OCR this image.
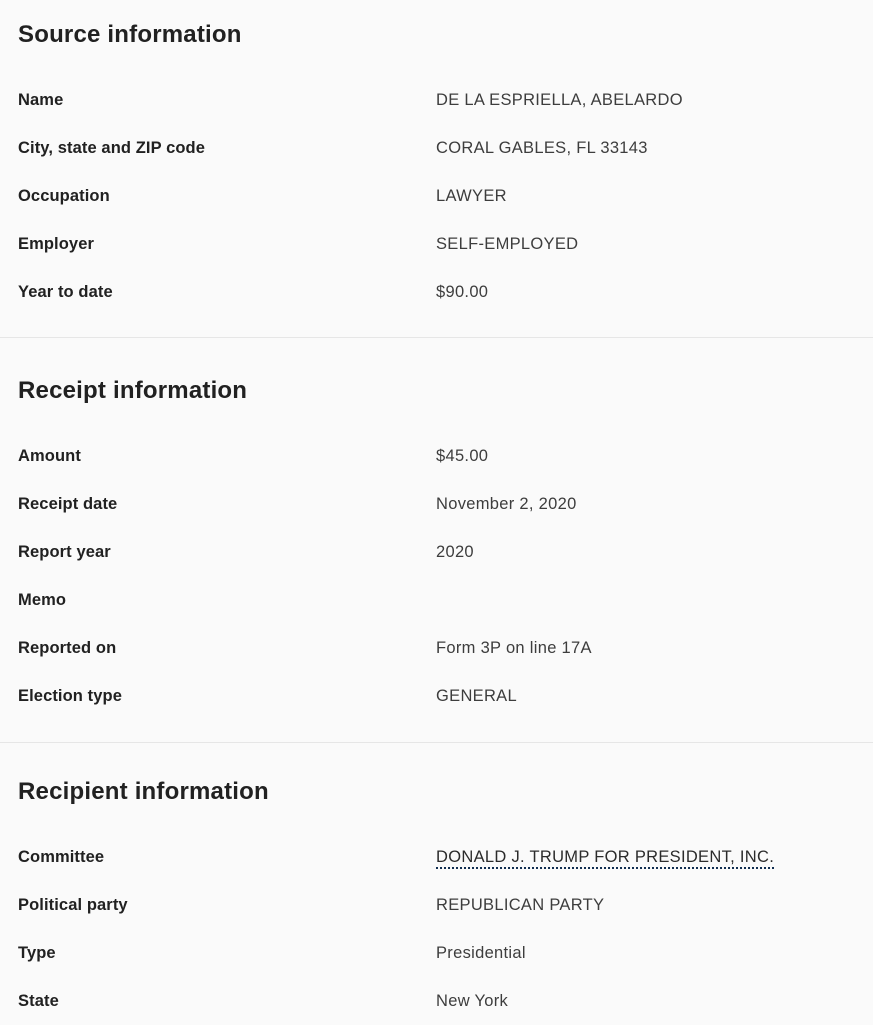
Source information
Name	DE LA ESPRIELLA, ABELARDO
City, state and ZIP code	CORAL GABLES, FL 33143
Occupation	LAWYER
Employer	SELF-EMPLOYED
Year to date	$90.00
Receipt information
Amount	$45.00
Receipt date	November 2, 2020
Report year	2020
Memo
Reported on	Form 3P on line 17A
Election type	GENERAL
Recipient information
Committee	DONALD J. TRUMP FOR PRESIDENT, INC.
Political party	REPUBLICAN PARTY
Type	Presidential
State	New York
